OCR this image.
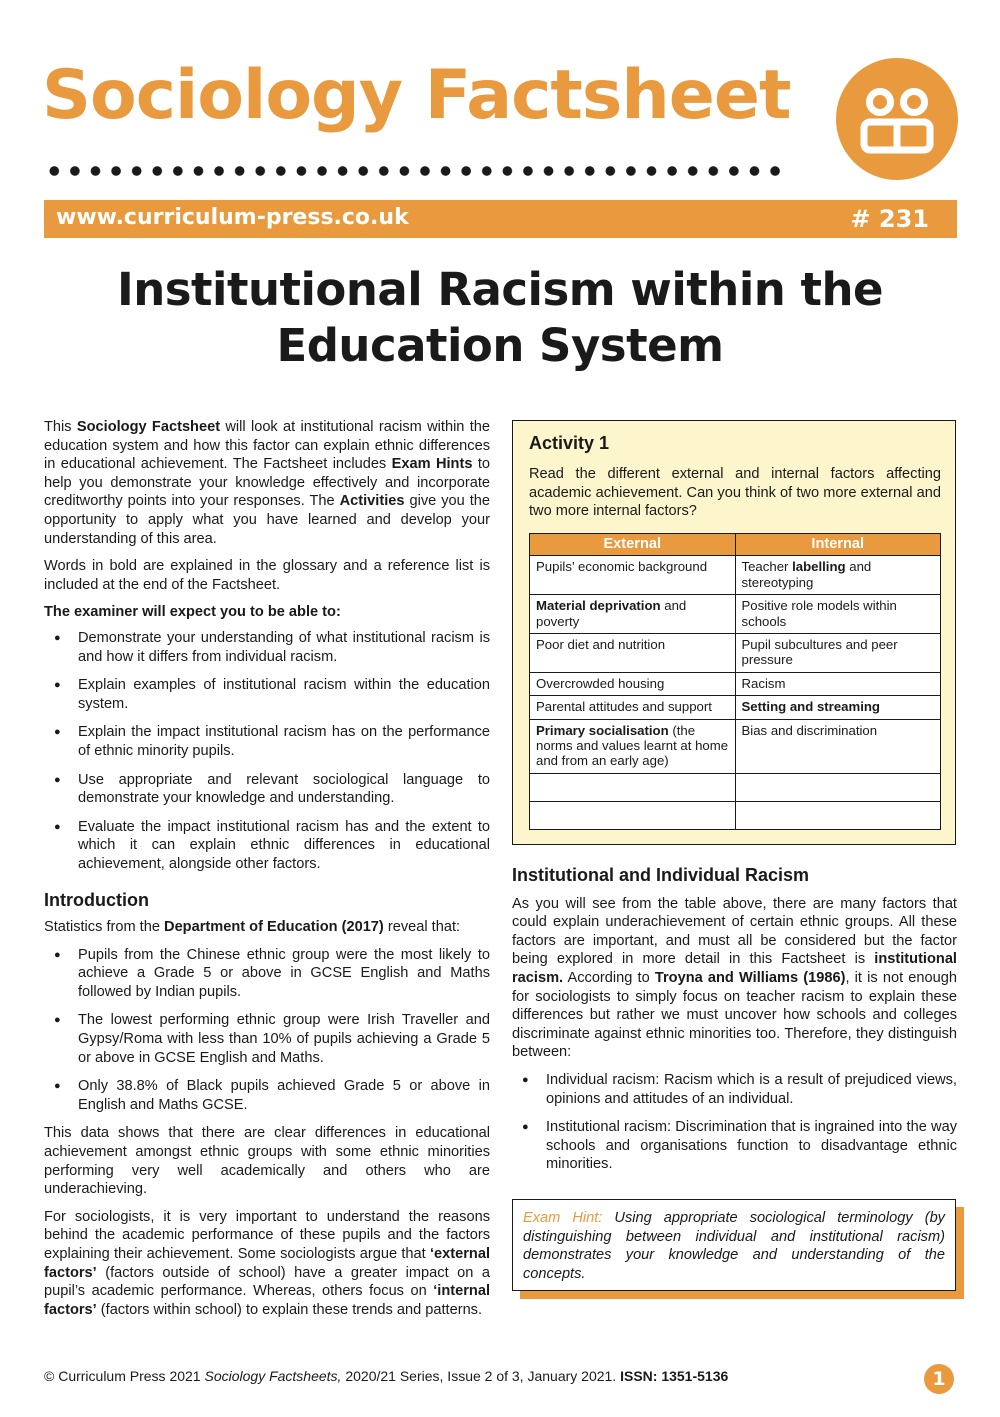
Sociology Factsheet
www.curriculum-press.co.uk	# 231
Institutional Racism within the
Education System

This Sociology Factsheet will look at institutional racism within the education system and how this factor can explain ethnic differences in educational achievement. The Factsheet includes Exam Hints to help you demonstrate your knowledge effectively and incorporate creditworthy points into your responses. The Activities give you the opportunity to apply what you have learned and develop your understanding of this area.

Words in bold are explained in the glossary and a reference list is included at the end of the Factsheet.

The examiner will expect you to be able to:
● Demonstrate your understanding of what institutional racism is and how it differs from individual racism.
● Explain examples of institutional racism within the education system.
● Explain the impact institutional racism has on the performance of ethnic minority pupils.
● Use appropriate and relevant sociological language to demonstrate your knowledge and understanding.
● Evaluate the impact institutional racism has and the extent to which it can explain ethnic differences in educational achievement, alongside other factors.
Introduction

Statistics from the Department of Education (2017) reveal that:

● Pupils from the Chinese ethnic group were the most likely to achieve a Grade 5 or above in GCSE English and Maths followed by Indian pupils.
● The lowest performing ethnic group were Irish Traveller and Gypsy/Roma with less than 10% of pupils achieving a Grade 5 or above in GCSE English and Maths.
● Only 38.8% of Black pupils achieved Grade 5 or above in English and Maths GCSE.

This data shows that there are clear differences in educational achievement amongst ethnic groups with some ethnic minorities performing very well academically and others who are underachieving.

For sociologists, it is very important to understand the reasons behind the academic performance of these pupils and the factors explaining their achievement. Some sociologists argue that ‘external factors’ (factors outside of school) have a greater impact on a pupil’s academic performance. Whereas, others focus on ‘internal factors’ (factors within school) to explain these trends and patterns.

Activity 1
Read the different external and internal factors affecting academic achievement. Can you think of two more external and two more internal factors?
External	Internal
Pupils’ economic background	Teacher labelling and stereotyping
Material deprivation and poverty	Positive role models within schools
Poor diet and nutrition	Pupil subcultures and peer pressure
Overcrowded housing	Racism
Parental attitudes and support	Setting and streaming
Primary socialisation (the norms and values learnt at home and from an early age)	Bias and discrimination

Institutional and Individual Racism

As you will see from the table above, there are many factors that could explain underachievement of certain ethnic groups. All these factors are important, and must all be considered but the factor being explored in more detail in this Factsheet is institutional racism. According to Troyna and Williams (1986), it is not enough for sociologists to simply focus on teacher racism to explain these differences but rather we must uncover how schools and colleges discriminate against ethnic minorities too. Therefore, they distinguish between:

● Individual racism: Racism which is a result of prejudiced views, opinions and attitudes of an individual.
● Institutional racism: Discrimination that is ingrained into the way schools and organisations function to disadvantage ethnic minorities.
Exam Hint: Using appropriate sociological terminology (by distinguishing between individual and institutional racism) demonstrates your knowledge and understanding of the concepts.
© Curriculum Press 2021 Sociology Factsheets, 2020/21 Series, Issue 2 of 3, January 2021. ISSN: 1351-5136	1
